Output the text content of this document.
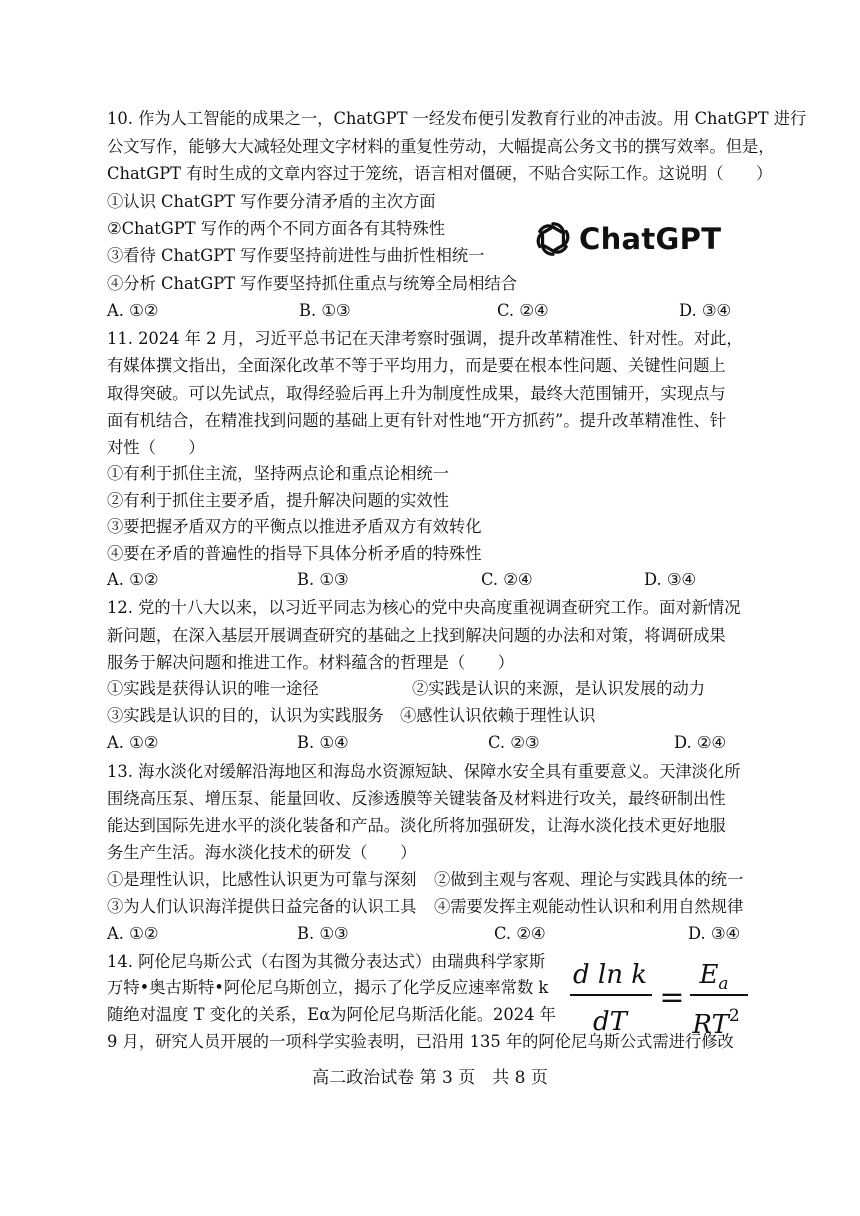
10. 作为人工智能的成果之一，ChatGPT 一经发布便引发教育行业的冲击波。用 ChatGPT 进行
公文写作，能够大大减轻处理文字材料的重复性劳动，大幅提高公务文书的撰写效率。但是，
ChatGPT 有时生成的文章内容过于笼统，语言相对僵硬，不贴合实际工作。这说明（　　）
①认识 ChatGPT 写作要分清矛盾的主次方面
②ChatGPT 写作的两个不同方面各有其特殊性
③看待 ChatGPT 写作要坚持前进性与曲折性相统一
④分析 ChatGPT 写作要坚持抓住重点与统筹全局相结合
ChatGPT
A. ①②	B. ①③	C. ②④	D. ③④
11. 2024 年 2 月，习近平总书记在天津考察时强调，提升改革精准性、针对性。对此，
有媒体撰文指出，全面深化改革不等于平均用力，而是要在根本性问题、关键性问题上
取得突破。可以先试点，取得经验后再上升为制度性成果，最终大范围铺开，实现点与
面有机结合，在精准找到问题的基础上更有针对性地“开方抓药”。提升改革精准性、针
对性（　　）
①有利于抓住主流，坚持两点论和重点论相统一
②有利于抓住主要矛盾，提升解决问题的实效性
③要把握矛盾双方的平衡点以推进矛盾双方有效转化
④要在矛盾的普遍性的指导下具体分析矛盾的特殊性
A. ①②	B. ①③	C. ②④	D. ③④
12. 党的十八大以来，以习近平同志为核心的党中央高度重视调查研究工作。面对新情况
新问题，在深入基层开展调查研究的基础之上找到解决问题的办法和对策，将调研成果
服务于解决问题和推进工作。材料蕴含的哲理是（　　）
①实践是获得认识的唯一途径	②实践是认识的来源，是认识发展的动力
③实践是认识的目的，认识为实践服务 ④感性认识依赖于理性认识
A. ①②	B. ①④	C. ②③	D. ②④
13. 海水淡化对缓解沿海地区和海岛水资源短缺、保障水安全具有重要意义。天津淡化所
围绕高压泵、增压泵、能量回收、反渗透膜等关键装备及材料进行攻关，最终研制出性
能达到国际先进水平的淡化装备和产品。淡化所将加强研发，让海水淡化技术更好地服
务生产生活。海水淡化技术的研发（　　）
①是理性认识，比感性认识更为可靠与深刻 ②做到主观与客观、理论与实践具体的统一
③为人们认识海洋提供日益完备的认识工具 ④需要发挥主观能动性认识和利用自然规律
A. ①②	B. ①③	C. ②④	D. ③④
14. 阿伦尼乌斯公式（右图为其微分表达式）由瑞典科学家斯
万特•奥古斯特•阿伦尼乌斯创立，揭示了化学反应速率常数 k
随绝对温度 T 变化的关系，Eα为阿伦尼乌斯活化能。2024 年
9 月，研究人员开展的一项科学实验表明，已沿用 135 年的阿伦尼乌斯公式需进行修改
d ln k
dT
=
$E_a$
$RT^2$
高二政治试卷 第 3 页　共 8 页
